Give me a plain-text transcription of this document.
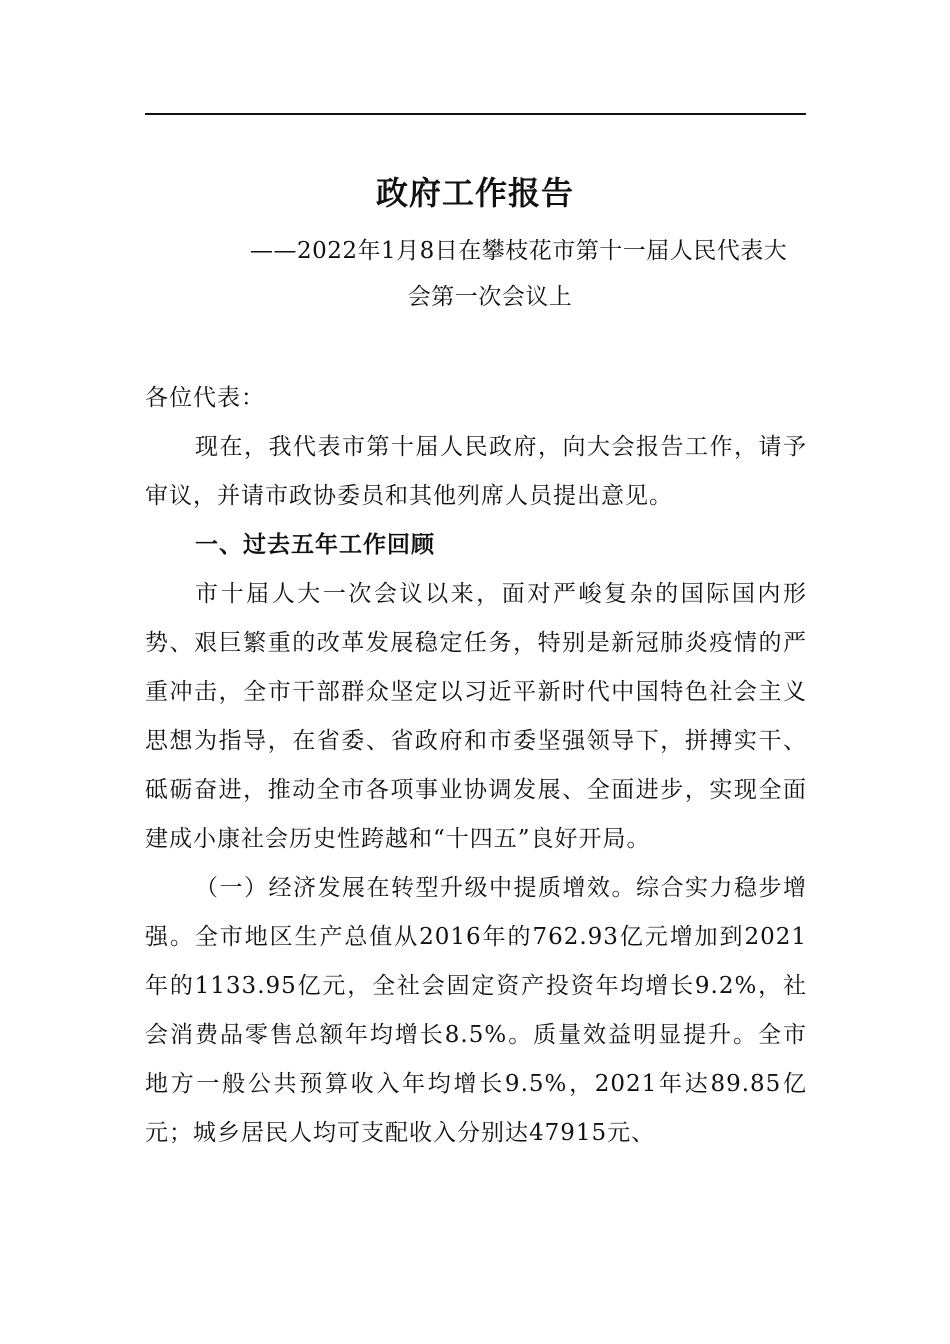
政府工作报告
——2022年1月8日在攀枝花市第十一届人民代表大
会第一次会议上

各位代表：

现在，我代表市第十届人民政府，向大会报告工作，请予审议，并请市政协委员和其他列席人员提出意见。

一、过去五年工作回顾

市十届人大一次会议以来，面对严峻复杂的国际国内形势、艰巨繁重的改革发展稳定任务，特别是新冠肺炎疫情的严重冲击，全市干部群众坚定以习近平新时代中国特色社会主义思想为指导，在省委、省政府和市委坚强领导下，拼搏实干、砥砺奋进，推动全市各项事业协调发展、全面进步，实现全面建成小康社会历史性跨越和“十四五”良好开局。

（一）经济发展在转型升级中提质增效。综合实力稳步增强。全市地区生产总值从2016年的762.93亿元增加到2021年的1133.95亿元，全社会固定资产投资年均增长9.2%，社会消费品零售总额年均增长8.5%。质量效益明显提升。全市地方一般公共预算收入年均增长9.5%，2021年达89.85亿元；城乡居民人均可支配收入分别达47915元、
